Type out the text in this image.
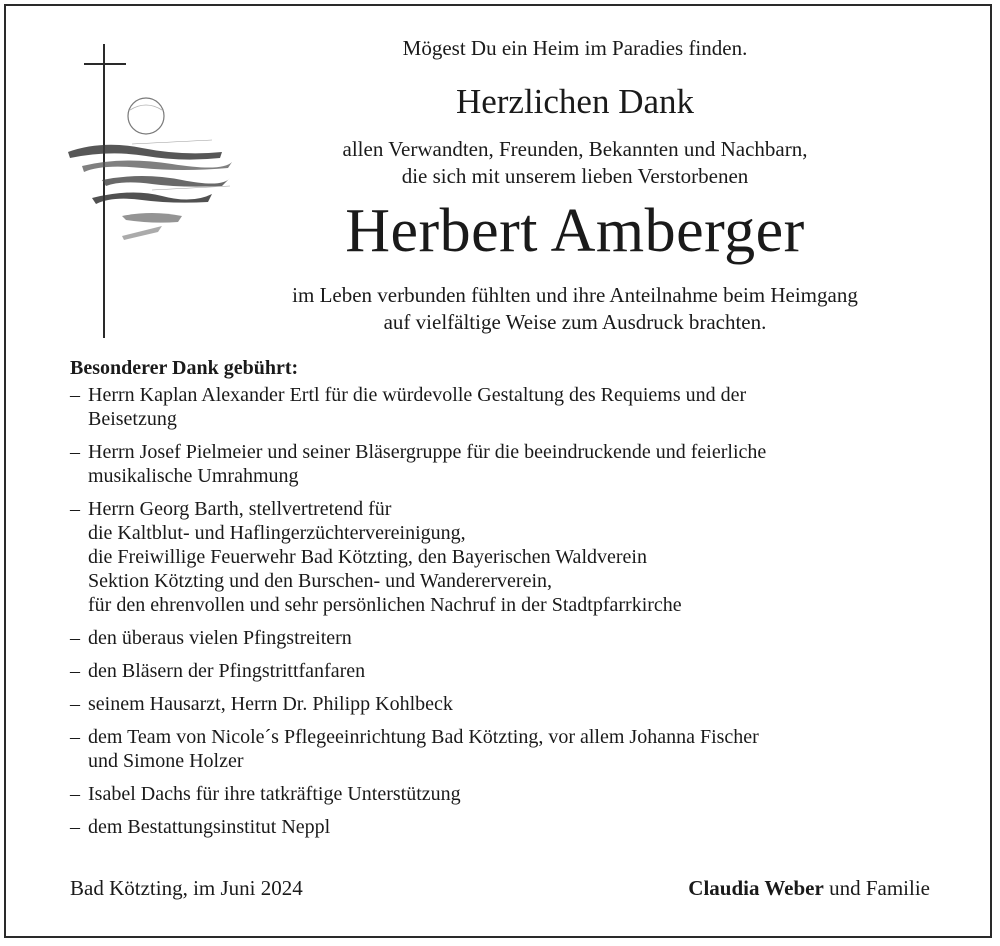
Mögest Du ein Heim im Paradies finden.
Herzlichen Dank
allen Verwandten, Freunden, Bekannten und Nachbarn,
die sich mit unserem lieben Verstorbenen
Herbert Amberger
im Leben verbunden fühlten und ihre Anteilnahme beim Heimgang
auf vielfältige Weise zum Ausdruck brachten.
Besonderer Dank gebührt:
– Herrn Kaplan Alexander Ertl für die würdevolle Gestaltung des Requiems und der
Beisetzung
– Herrn Josef Pielmeier und seiner Bläsergruppe für die beeindruckende und feierliche
musikalische Umrahmung
– Herrn Georg Barth, stellvertretend für
die Kaltblut- und Haflingerzüchtervereinigung,
die Freiwillige Feuerwehr Bad Kötzting, den Bayerischen Waldverein
Sektion Kötzting und den Burschen- und Wandererverein,
für den ehrenvollen und sehr persönlichen Nachruf in der Stadtpfarrkirche
– den überaus vielen Pfingstreitern
– den Bläsern der Pfingstrittfanfaren
– seinem Hausarzt, Herrn Dr. Philipp Kohlbeck
– dem Team von Nicole´s Pflegeeinrichtung Bad Kötzting, vor allem Johanna Fischer
und Simone Holzer
– Isabel Dachs für ihre tatkräftige Unterstützung
– dem Bestattungsinstitut Neppl
Bad Kötzting, im Juni 2024	Claudia Weber und Familie
